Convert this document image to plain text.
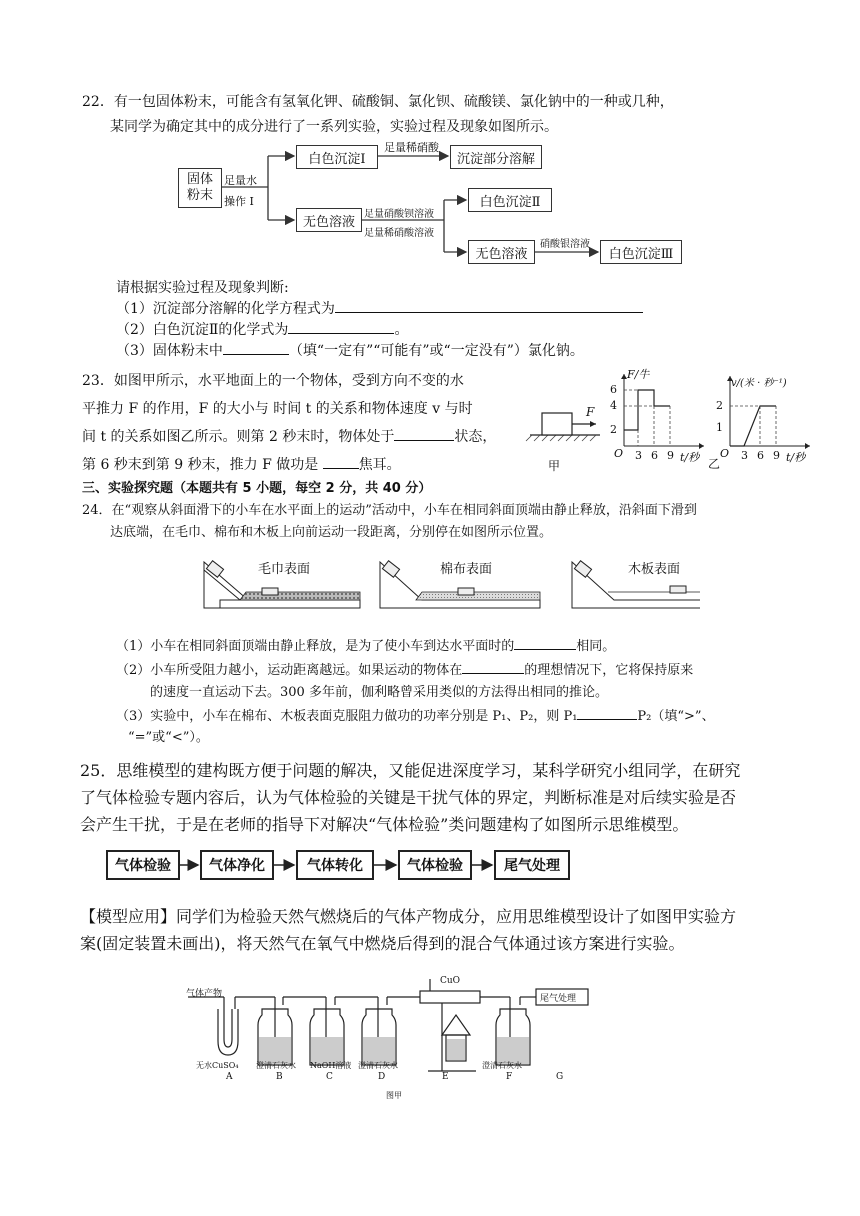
22．有一包固体粉末，可能含有氢氧化钾、硫酸铜、氯化钡、硫酸镁、氯化钠中的一种或几种，
某同学为确定其中的成分进行了一系列实验，实验过程及现象如图所示。
固体粉末
足量水
操作 I
白色沉淀Ⅰ
足量稀硝酸
沉淀部分溶解
无色溶液 足量硝酸钡溶液
足量稀硝酸溶液
白色沉淀Ⅱ
无色溶液
硝酸银溶液
白色沉淀Ⅲ
请根据实验过程及现象判断:
（1）沉淀部分溶解的化学方程式为
（2）白色沉淀Ⅱ的化学式为	。
（3）固体粉末中	（填“一定有”“可能有”或“一定没有”）氯化钠。
23．如图甲所示，水平地面上的一个物体，受到方向不变的水
平推力 F 的作用，F 的大小与 时间 t 的关系和物体速度 v 与时
间 t 的关系如图乙所示。则第 2 秒末时，物体处于	状态，
第 6 秒末到第 9 秒末，推力 F 做功是	焦耳。
F
甲
F/牛
6
4
2
O 3 6 9 t/秒
v/(米 · 秒⁻¹)
2
1
O 3 6 9 t/秒
乙
三、实验探究题（本题共有 5 小题，每空 2 分，共 40 分）
24．在“观察从斜面滑下的小车在水平面上的运动”活动中，小车在相同斜面顶端由静止释放，沿斜面下滑到
达底端，在毛巾、棉布和木板上向前运动一段距离，分别停在如图所示位置。
毛巾表面	棉布表面	木板表面
（1）小车在相同斜面顶端由静止释放，是为了使小车到达水平面时的	相同。
（2）小车所受阻力越小，运动距离越远。如果运动的物体在	的理想情况下，它将保持原来
的速度一直运动下去。300 多年前，伽利略曾采用类似的方法得出相同的推论。
（3）实验中，小车在棉布、木板表面克服阻力做功的功率分别是 P₁、P₂，则 P₁	P₂（填“>”、
“=”或“<”）。
25．思维模型的建构既方便于问题的解决，又能促进深度学习，某科学研究小组同学，在研究
了气体检验专题内容后，认为气体检验的关键是干扰气体的界定，判断标准是对后续实验是否
会产生干扰，于是在老师的指导下对解决“气体检验”类问题建构了如图所示思维模型。
气体检验	气体净化	气体转化	气体检验	尾气处理
【模型应用】同学们为检验天然气燃烧后的气体产物成分，应用思维模型设计了如图甲实验方
案(固定装置未画出)，将天然气在氧气中燃烧后得到的混合气体通过该方案进行实验。
气体产物
CuO
尾气处理
无水CuSO₄ 澄清石灰水 NaOH溶液 澄清石灰水	澄清石灰水
A	B	C	D	E	F	G
图甲
